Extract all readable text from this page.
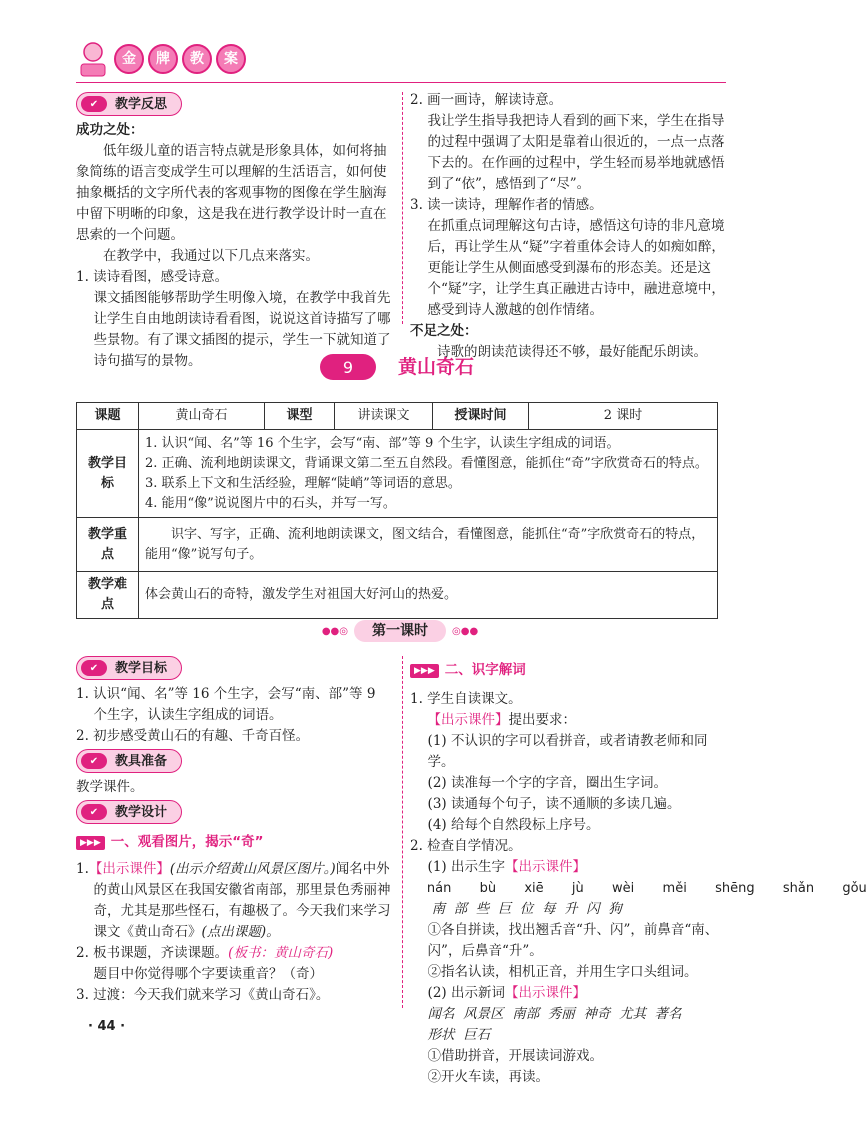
金	牌	教	案
✔	教学反思

成功之处：

低年级儿童的语言特点就是形象具体，如何将抽象简练的语言变成学生可以理解的生活语言，如何使抽象概括的文字所代表的客观事物的图像在学生脑海中留下明晰的印象，这是我在进行教学设计时一直在思索的一个问题。

在教学中，我通过以下几点来落实。

1. 读诗看图，感受诗意。

课文插图能够帮助学生明像入境，在教学中我首先让学生自由地朗读诗看看图，说说这首诗描写了哪些景物。有了课文插图的提示，学生一下就知道了诗句描写的景物。

2. 画一画诗，解读诗意。

我让学生指导我把诗人看到的画下来，学生在指导的过程中强调了太阳是靠着山很近的，一点一点落下去的。在作画的过程中，学生轻而易举地就感悟到了“依”，感悟到了“尽”。

3. 读一读诗，理解作者的情感。

在抓重点词理解这句古诗，感悟这句诗的非凡意境后，再让学生从“疑”字着重体会诗人的如痴如醉，更能让学生从侧面感受到瀑布的形态美。还是这个“疑”字，让学生真正融进古诗中，融进意境中，感受到诗人激越的创作情绪。

不足之处：

诗歌的朗读范读得还不够，最好能配乐朗读。

9	黄山奇石
课题	黄山奇石	课型	讲读课文	授课时间	2 课时
教学目标	1. 认识“闻、名”等 16 个生字，会写“南、部”等 9 个生字，认读生字组成的词语。

2. 正确、流利地朗读课文，背诵课文第二至五自然段。看懂图意，能抓住“奇”字欣赏奇石的特点。

3. 联系上下文和生活经验，理解“陡峭”等词语的意思。

4. 能用“像”说说图片中的石头，并写一写。				

教学重点	识字、写字，正确、流利地朗读课文，图文结合，看懂图意，能抓住“奇”字欣赏奇石的特点，能用“像”说写句子。				
教学难点	体会黄山石的奇特，激发学生对祖国大好河山的热爱。				
●●◎	第一课时	◎●●
✔	教学目标

1. 认识“闻、名”等 16 个生字，会写“南、部”等 9 个生字，认读生字组成的词语。

2. 初步感受黄山石的有趣、千奇百怪。

✔	教具准备

教学课件。

✔	教学设计
▶▶▶ 一、观看图片，揭示“奇”

1.【出示课件】(出示介绍黄山风景区图片。)闻名中外的黄山风景区在我国安徽省南部，那里景色秀丽神奇，尤其是那些怪石，有趣极了。今天我们来学习课文《黄山奇石》(点出课题)。

2. 板书课题，齐读课题。(板书：黄山奇石)

题目中你觉得哪个字要读重音？（奇）

3. 过渡：今天我们就来学习《黄山奇石》。

▶▶▶ 二、识字解词

1. 学生自读课文。

【出示课件】提出要求：

(1) 不认识的字可以看拼音，或者请教老师和同学。

(2) 读准每一个字的字音，圈出生字词。

(3) 读通每个句子，读不通顺的多读几遍。

(4) 给每个自然段标上序号。

2. 检查自学情况。

(1) 出示生字【出示课件】

nán  bù  xiē  jù  wèi  měi  shēng  shǎn  gǒu

南  部  些  巨  位  每  升  闪  狗

①各自拼读，找出翘舌音“升、闪”，前鼻音“南、闪”，后鼻音“升”。

②指名认读，相机正音，并用生字口头组词。

(2) 出示新词【出示课件】

闻名  风景区  南部  秀丽  神奇  尤其  著名

形状  巨石

①借助拼音，开展读词游戏。

②开火车读，再读。

· 44 ·
